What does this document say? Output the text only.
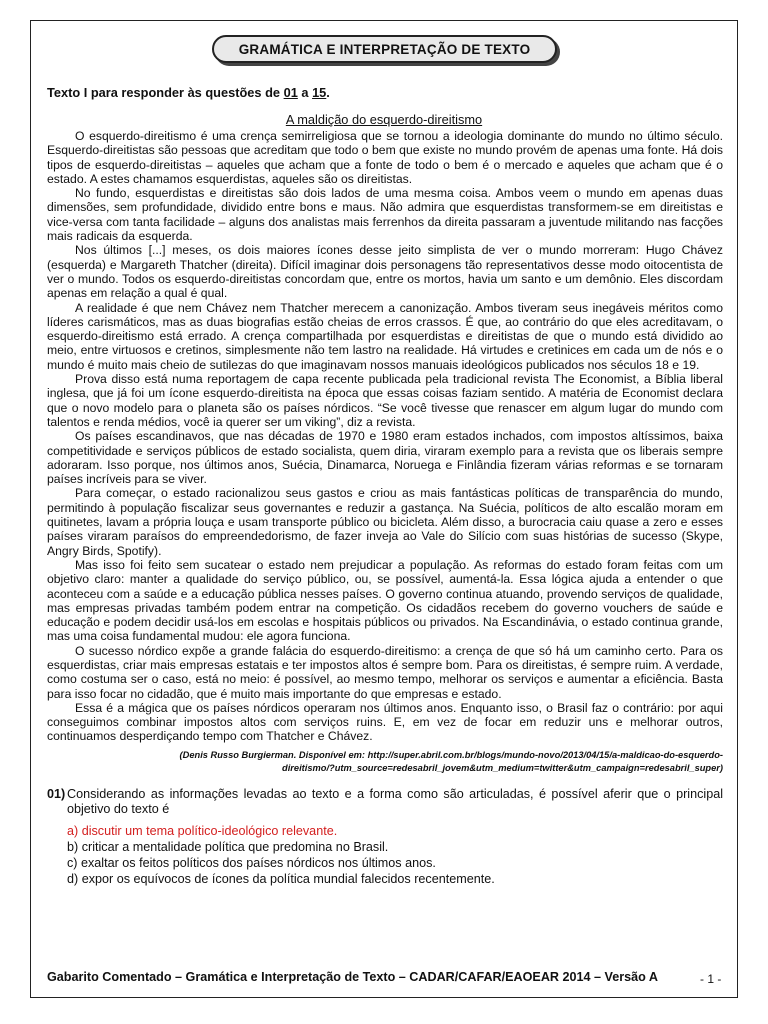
GRAMÁTICA E INTERPRETAÇÃO DE TEXTO
Texto I para responder às questões de 01 a 15.
A maldição do esquerdo-direitismo

O esquerdo-direitismo é uma crença semirreligiosa que se tornou a ideologia dominante do mundo no último século. Esquerdo-direitistas são pessoas que acreditam que todo o bem que existe no mundo provém de apenas uma fonte. Há dois tipos de esquerdo-direitistas – aqueles que acham que a fonte de todo o bem é o mercado e aqueles que acham que é o estado. A estes chamamos esquerdistas, aqueles são os direitistas.

No fundo, esquerdistas e direitistas são dois lados de uma mesma coisa. Ambos veem o mundo em apenas duas dimensões, sem profundidade, dividido entre bons e maus. Não admira que esquerdistas transformem-se em direitistas e vice-versa com tanta facilidade – alguns dos analistas mais ferrenhos da direita passaram a juventude militando nas facções mais radicais da esquerda.

Nos últimos [...] meses, os dois maiores ícones desse jeito simplista de ver o mundo morreram: Hugo Chávez (esquerda) e Margareth Thatcher (direita). Difícil imaginar dois personagens tão representativos desse modo oitocentista de ver o mundo. Todos os esquerdo-direitistas concordam que, entre os mortos, havia um santo e um demônio. Eles discordam apenas em relação a qual é qual.

A realidade é que nem Chávez nem Thatcher merecem a canonização. Ambos tiveram seus inegáveis méritos como líderes carismáticos, mas as duas biografias estão cheias de erros crassos. É que, ao contrário do que eles acreditavam, o esquerdo-direitismo está errado. A crença compartilhada por esquerdistas e direitistas de que o mundo está dividido ao meio, entre virtuosos e cretinos, simplesmente não tem lastro na realidade. Há virtudes e cretinices em cada um de nós e o mundo é muito mais cheio de sutilezas do que imaginavam nossos manuais ideológicos publicados nos séculos 18 e 19.

Prova disso está numa reportagem de capa recente publicada pela tradicional revista The Economist, a Bíblia liberal inglesa, que já foi um ícone esquerdo-direitista na época que essas coisas faziam sentido. A matéria de Economist declara que o novo modelo para o planeta são os países nórdicos. “Se você tivesse que renascer em algum lugar do mundo com talentos e renda médios, você ia querer ser um viking”, diz a revista.

Os países escandinavos, que nas décadas de 1970 e 1980 eram estados inchados, com impostos altíssimos, baixa competitividade e serviços públicos de estado socialista, quem diria, viraram exemplo para a revista que os liberais sempre adoraram. Isso porque, nos últimos anos, Suécia, Dinamarca, Noruega e Finlândia fizeram várias reformas e se tornaram países incríveis para se viver.

Para começar, o estado racionalizou seus gastos e criou as mais fantásticas políticas de transparência do mundo, permitindo à população fiscalizar seus governantes e reduzir a gastança. Na Suécia, políticos de alto escalão moram em quitinetes, lavam a própria louça e usam transporte público ou bicicleta. Além disso, a burocracia caiu quase a zero e esses países viraram paraísos do empreendedorismo, de fazer inveja ao Vale do Silício com suas histórias de sucesso (Skype, Angry Birds, Spotify).

Mas isso foi feito sem sucatear o estado nem prejudicar a população. As reformas do estado foram feitas com um objetivo claro: manter a qualidade do serviço público, ou, se possível, aumentá-la. Essa lógica ajuda a entender o que aconteceu com a saúde e a educação pública nesses países. O governo continua atuando, provendo serviços de qualidade, mas empresas privadas também podem entrar na competição. Os cidadãos recebem do governo vouchers de saúde e educação e podem decidir usá-los em escolas e hospitais públicos ou privados. Na Escandinávia, o estado continua grande, mas uma coisa fundamental mudou: ele agora funciona.

O sucesso nórdico expõe a grande falácia do esquerdo-direitismo: a crença de que só há um caminho certo. Para os esquerdistas, criar mais empresas estatais e ter impostos altos é sempre bom. Para os direitistas, é sempre ruim. A verdade, como costuma ser o caso, está no meio: é possível, ao mesmo tempo, melhorar os serviços e aumentar a eficiência. Basta para isso focar no cidadão, que é muito mais importante do que empresas e estado.

Essa é a mágica que os países nórdicos operaram nos últimos anos. Enquanto isso, o Brasil faz o contrário: por aqui conseguimos combinar impostos altos com serviços ruins. E, em vez de focar em reduzir uns e melhorar outros, continuamos desperdiçando tempo com Thatcher e Chávez.

(Denis Russo Burgierman. Disponível em: http://super.abril.com.br/blogs/mundo-novo/2013/04/15/a-maldicao-do-esquerdo-
direitismo/?utm_source=redesabril_jovem&utm_medium=twitter&utm_campaign=redesabril_super)
01) Considerando as informações levadas ao texto e a forma como são articuladas, é possível aferir que o principal objetivo do texto é
a) discutir um tema político-ideológico relevante.
b) criticar a mentalidade política que predomina no Brasil.
c) exaltar os feitos políticos dos países nórdicos nos últimos anos.
d) expor os equívocos de ícones da política mundial falecidos recentemente.
Gabarito Comentado – Gramática e Interpretação de Texto – CADAR/CAFAR/EAOEAR 2014 – Versão A	- 1 -
